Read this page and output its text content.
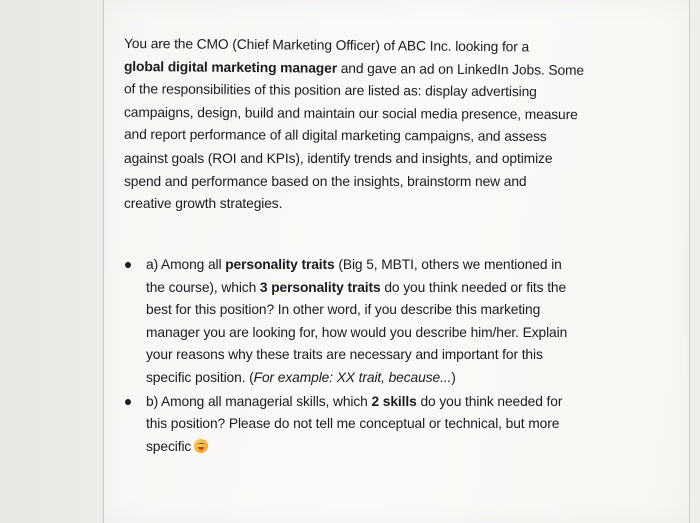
You are the CMO (Chief Marketing Officer) of ABC Inc. looking for a
global digital marketing manager and gave an ad on LinkedIn Jobs. Some
of the responsibilities of this position are listed as: display advertising
campaigns, design, build and maintain our social media presence, measure
and report performance of all digital marketing campaigns, and assess
against goals (ROI and KPIs), identify trends and insights, and optimize
spend and performance based on the insights, brainstorm new and
creative growth strategies.
a) Among all personality traits (Big 5, MBTI, others we mentioned in
the course), which 3 personality traits do you think needed or fits the
best for this position? In other word, if you describe this marketing
manager you are looking for, how would you describe him/her. Explain
your reasons why these traits are necessary and important for this
specific position. (For example: XX trait, because...)
b) Among all managerial skills, which 2 skills do you think needed for
this position? Please do not tell me conceptual or technical, but more
specific
